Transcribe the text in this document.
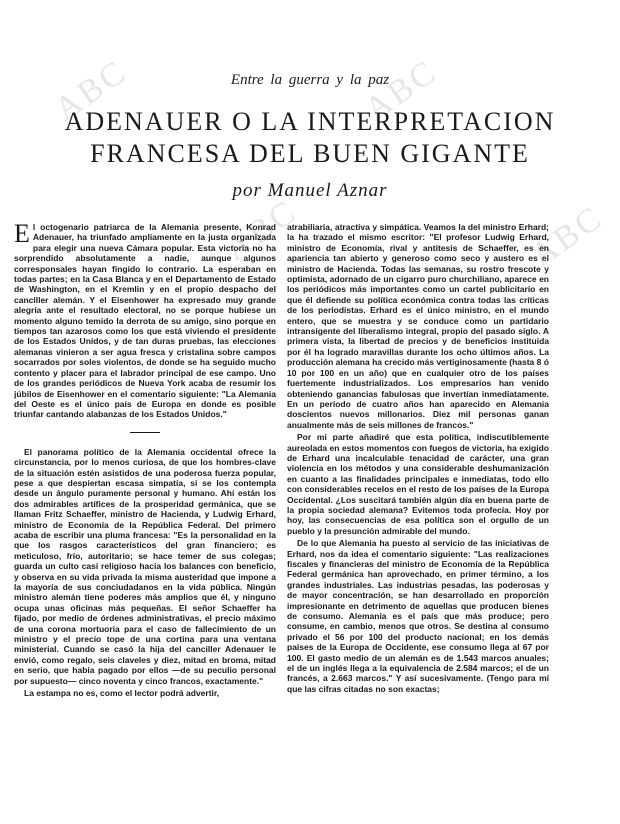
ABC	ABC
ABC	ABC
Entre la guerra y la paz
ADENAUER O LA INTERPRETACION
FRANCESA DEL BUEN GIGANTE
por Manuel Aznar

El octogenario patriarca de la Alemania presente, Konrad Adenauer, ha triunfado ampliamente en la justa organizada para elegir una nueva Cámara popular. Esta victoria no ha sorprendido absolutamente a nadie, aunque algunos corresponsales hayan fingido lo contrario. La esperaban en todas partes; en la Casa Blanca y en el Departamento de Estado de Washington, en el Kremlin y en el propio despacho del canciller alemán. Y el Eisenhower ha expresado muy grande alegría ante el resultado electoral, no se porque hubiese un momento alguno temido la derrota de su amigo, sino porque en tiempos tan azarosos como los que está viviendo el presidente de los Estados Unidos, y de tan duras pruebas, las elecciones alemanas vinieron a ser agua fresca y cristalina sobre campos socarrados por soles violentos, de donde se ha seguido mucho contento y placer para el labrador principal de ese campo. Uno de los grandes periódicos de Nueva York acaba de resumir los júbilos de Eisenhower en el comentario siguiente: "La Alemania del Oeste es el único país de Europa en donde es posible triunfar cantando alabanzas de los Estados Unidos."

El panorama político de la Alemania occidental ofrece la circunstancia, por lo menos curiosa, de que los hombres-clave de la situación estén asistidos de una poderosa fuerza popular, pese a que despiertan escasa simpatía, si se los contempla desde un ángulo puramente personal y humano. Ahí están los dos admirables artífices de la prosperidad germánica, que se llaman Fritz Schaeffer, ministro de Hacienda, y Ludwig Erhard, ministro de Economía de la República Federal. Del primero acaba de escribir una pluma francesa: "Es la personalidad en la que los rasgos característicos del gran financiero; es meticuloso, frío, autoritario; se hace temer de sus colegas; guarda un culto casi religioso hacia los balances con beneficio, y observa en su vida privada la misma austeridad que impone a la mayoría de sus conciudadanos en la vida pública. Ningún ministro alemán tiene poderes más amplios que él, y ninguno ocupa unas oficinas más pequeñas. El señor Schaeffer ha fijado, por medio de órdenes administrativas, el precio máximo de una corona mortuoria para el caso de fallecimiento de un ministro y el precio tope de una cortina para una ventana ministerial. Cuando se casó la hija del canciller Adenauer le envió, como regalo, seis claveles y diez, mitad en broma, mitad en serio, que había pagado por ellos —de su peculio personal por supuesto— cinco noventa y cinco francos, exactamente."

La estampa no es, como el lector podrá advertir,

atrabiliaria, atractiva y simpática. Veamos la del ministro Erhard; la ha trazado el mismo escritor: "El profesor Ludwig Erhard, ministro de Economía, rival y antitesis de Schaeffer, es en apariencia tan abierto y generoso como seco y austero es el ministro de Hacienda. Todas las semanas, su rostro frescote y optimista, adornado de un cigarro puro churchiliano, aparece en los periódicos más importantes como un cartel publicitario en que él defiende su política económica contra todas las críticas de los periodistas. Erhard es el único ministro, en el mundo entero, que se muestra y se conduce como un partidario intransigente del liberalismo integral, propio del pasado siglo. A primera vista, la libertad de precios y de beneficios instituida por él ha logrado maravillas durante los ocho últimos años. La producción alemana ha crecido más vertiginosamente (hasta 8 ó 10 por 100 en un año) que en cualquier otro de los países fuertemente industrializados. Los empresarios han venido obteniendo ganancias fabulosas que invertían inmediatamente. En un período de cuatro años han aparecido en Alemania doscientos nuevos millonarios. Diez mil personas ganan anualmente más de seis millones de francos."

Por mi parte añadiré que esta política, indiscutiblemente aureolada en estos momentos con fuegos de victoria, ha exigido de Erhard una incalculable tenacidad de carácter, una gran violencia en los métodos y una considerable deshumanización en cuanto a las finalidades principales e inmediatas, todo ello con considerables recelos en el resto de los países de la Europa Occidental. ¿Los suscitará también algún día en buena parte de la propia sociedad alemana? Evitemos toda profecía. Hoy por hoy, las consecuencias de esa política son el orgullo de un pueblo y la presunción admirable del mundo.

De lo que Alemania ha puesto al servicio de las iniciativas de Erhard, nos da idea el comentario siguiente: "Las realizaciones fiscales y financieras del ministro de Economía de la República Federal germánica han aprovechado, en primer término, a los grandes industriales. Las industrias pesadas, las poderosas y de mayor concentración, se han desarrollado en proporción impresionante en detrimento de aquellas que producen bienes de consumo. Alemania es el país que más produce; pero consume, en cambio, menos que otros. Se destina al consumo privado el 56 por 100 del producto nacional; en los demás países de la Europa de Occidente, ese consumo llega al 67 por 100. El gasto medio de un alemán es de 1.543 marcos anuales; el de un inglés llega a la equivalencia de 2.584 marcos; el de un francés, a 2.663 marcos." Y así sucesivamente. (Tengo para mí que las cifras citadas no son exactas;
